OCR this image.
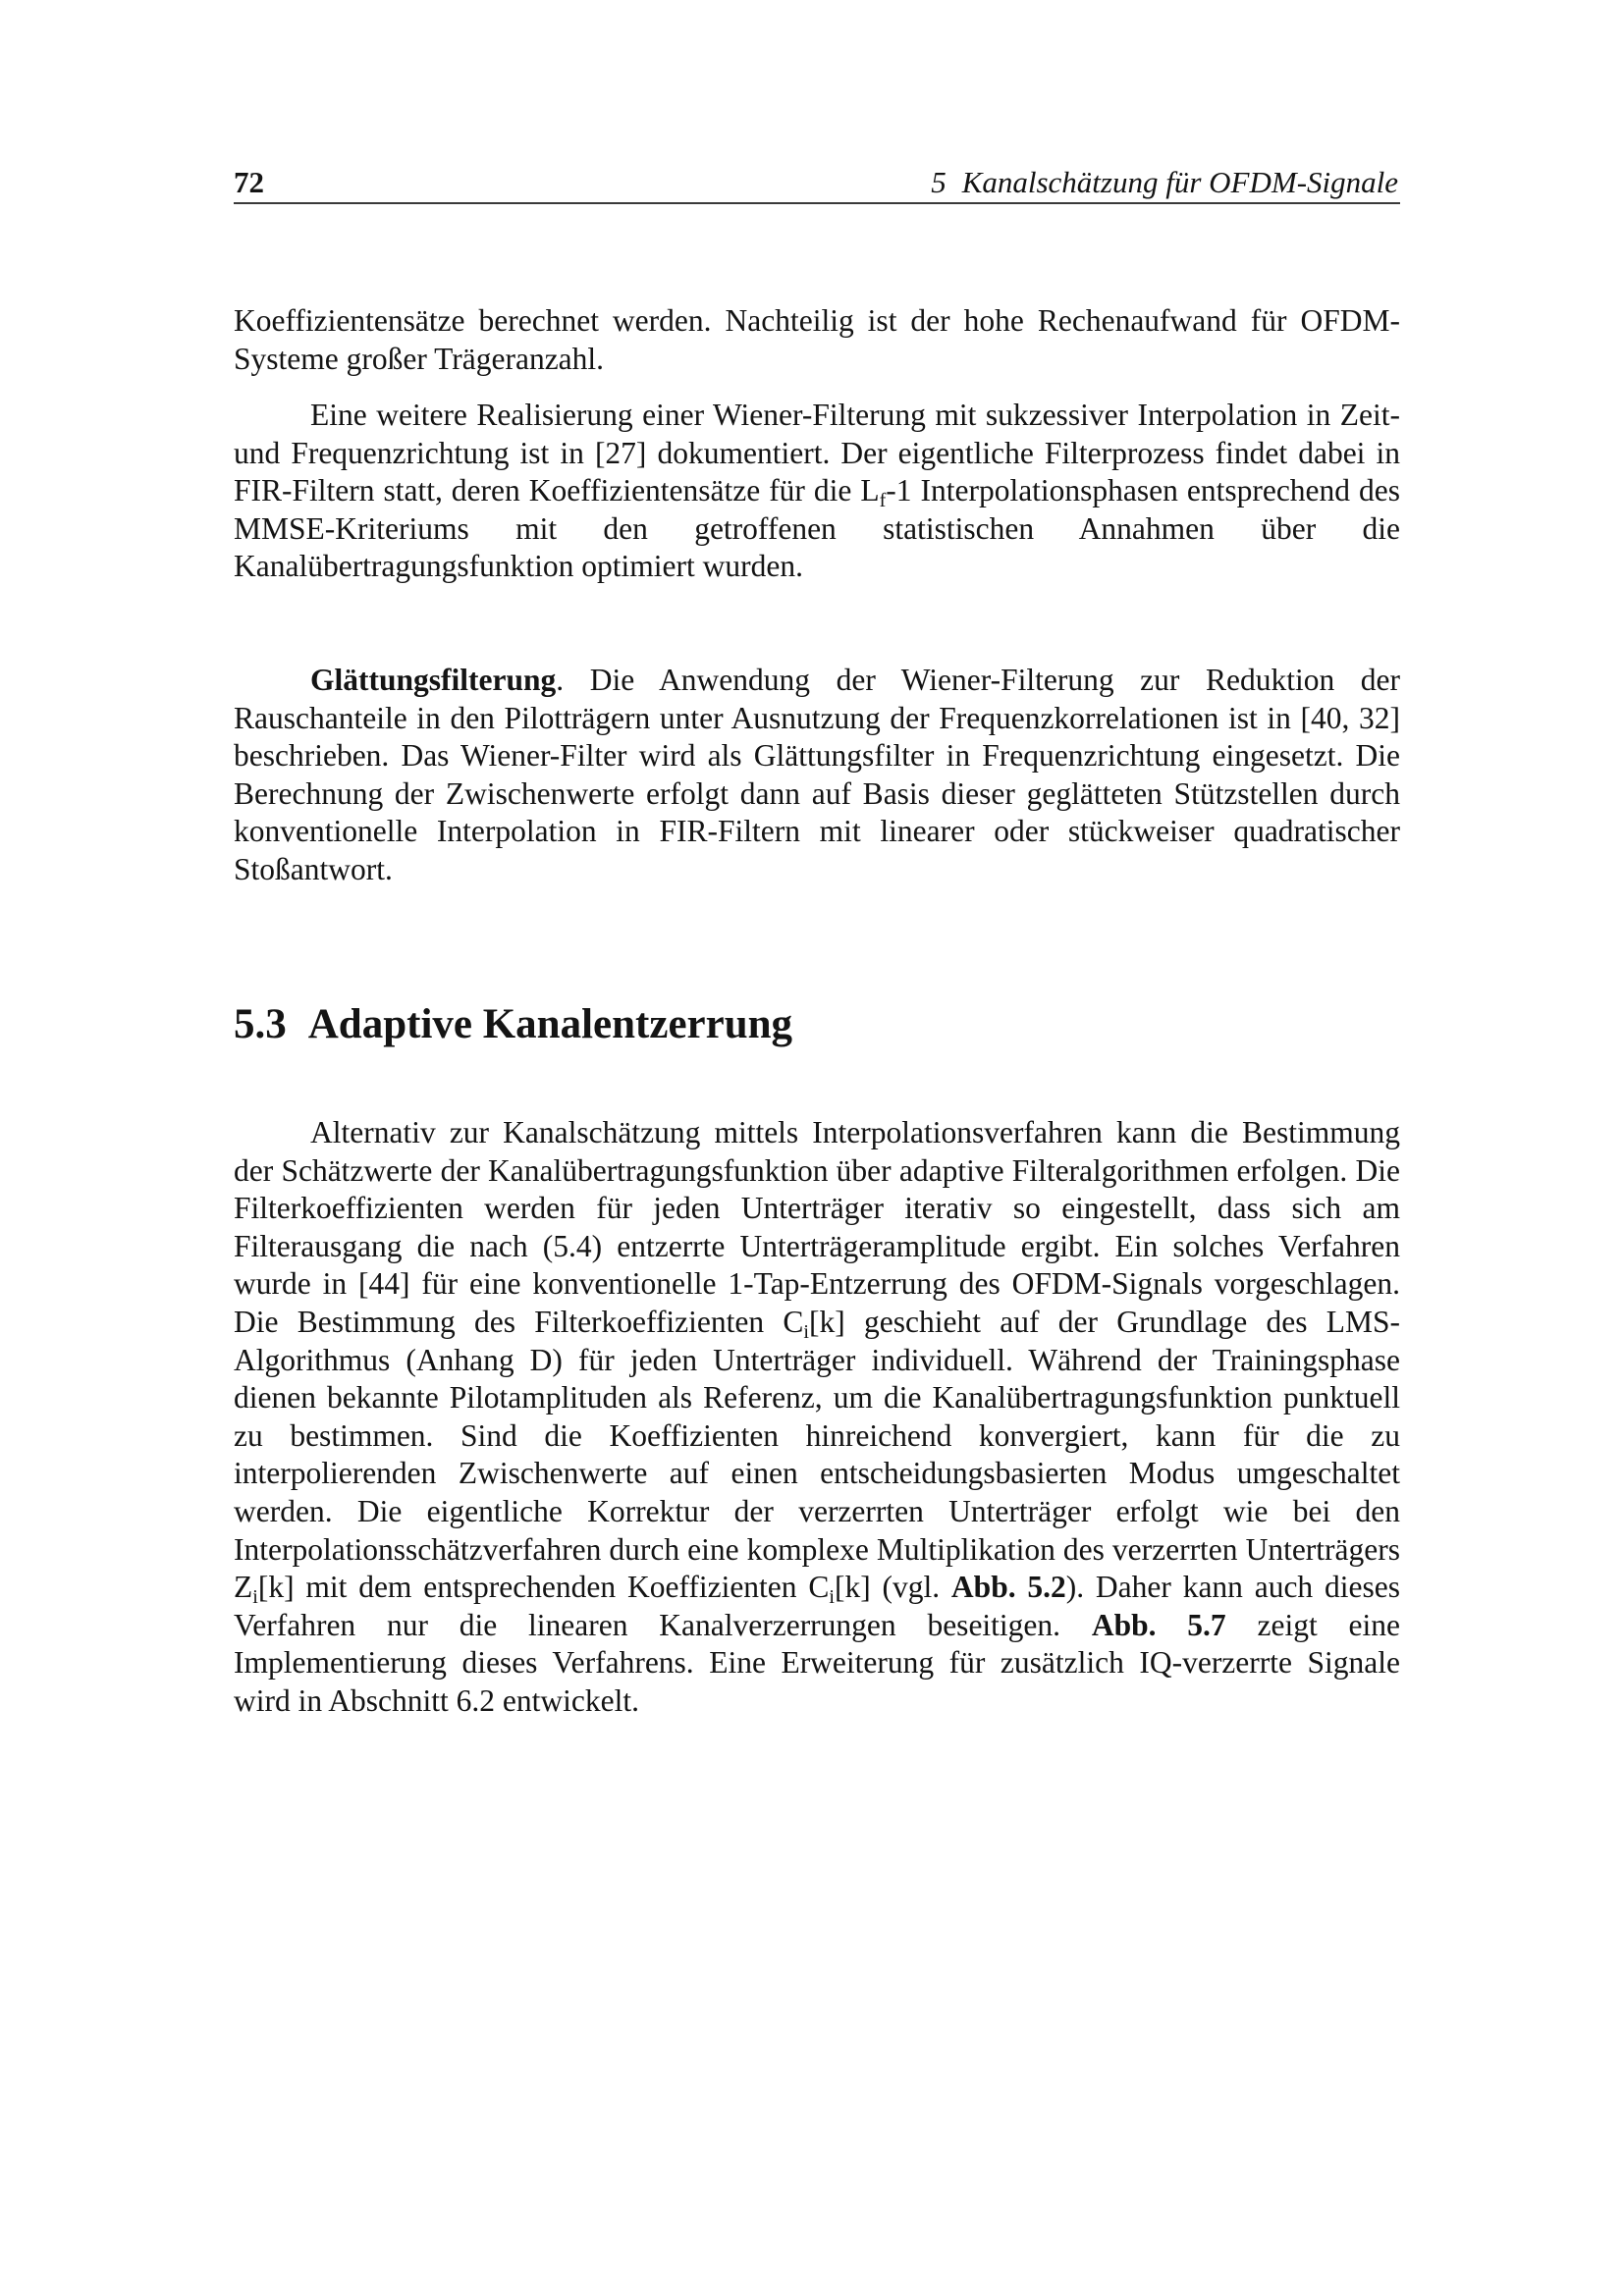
72	5 Kanalschätzung für OFDM-Signale

Koeffizientensätze berechnet werden. Nachteilig ist der hohe Rechenaufwand für OFDM-Systeme großer Trägeranzahl.

Eine weitere Realisierung einer Wiener-Filterung mit sukzessiver Interpolation in Zeit- und Frequenzrichtung ist in [27] dokumentiert. Der eigentliche Filterprozess findet dabei in FIR-Filtern statt, deren Koeffizientensätze für die $L_f-1$ Interpolationsphasen entsprechend des MMSE-Kriteriums mit den getroffenen statistischen Annahmen über die Kanalübertragungsfunktion optimiert wurden.

Glättungsfilterung. Die Anwendung der Wiener-Filterung zur Reduktion der Rauschanteile in den Pilotträgern unter Ausnutzung der Frequenzkorrelationen ist in [40, 32] beschrieben. Das Wiener-Filter wird als Glättungsfilter in Frequenzrichtung eingesetzt. Die Berechnung der Zwischenwerte erfolgt dann auf Basis dieser geglätteten Stützstellen durch konventionelle Interpolation in FIR-Filtern mit linearer oder stückweiser quadratischer Stoßantwort.

5.3 Adaptive Kanalentzerrung

Alternativ zur Kanalschätzung mittels Interpolationsverfahren kann die Bestimmung der Schätzwerte der Kanalübertragungsfunktion über adaptive Filteralgorithmen erfolgen. Die Filterkoeffizienten werden für jeden Unterträger iterativ so eingestellt, dass sich am Filterausgang die nach (5.4) entzerrte Unterträgeramplitude ergibt. Ein solches Verfahren wurde in [44] für eine konventionelle 1-Tap-Entzerrung des OFDM-Signals vorgeschlagen. Die Bestimmung des Filterkoeffizienten $C_i[k]$ geschieht auf der Grundlage des LMS-Algorithmus (Anhang D) für jeden Unterträger individuell. Während der Trainingsphase dienen bekannte Pilotamplituden als Referenz, um die Kanalübertragungsfunktion punktuell zu bestimmen. Sind die Koeffizienten hinreichend konvergiert, kann für die zu interpolierenden Zwischenwerte auf einen entscheidungsbasierten Modus umgeschaltet werden. Die eigentliche Korrektur der verzerrten Unterträger erfolgt wie bei den Interpolationsschätzverfahren durch eine komplexe Multiplikation des verzerrten Unterträgers $Z_i[k]$ mit dem entsprechenden Koeffizienten $C_i[k]$ (vgl. Abb. 5.2). Daher kann auch dieses Verfahren nur die linearen Kanalverzerrungen beseitigen. Abb. 5.7 zeigt eine Implementierung dieses Verfahrens. Eine Erweiterung für zusätzlich IQ-verzerrte Signale wird in Abschnitt 6.2 entwickelt.
